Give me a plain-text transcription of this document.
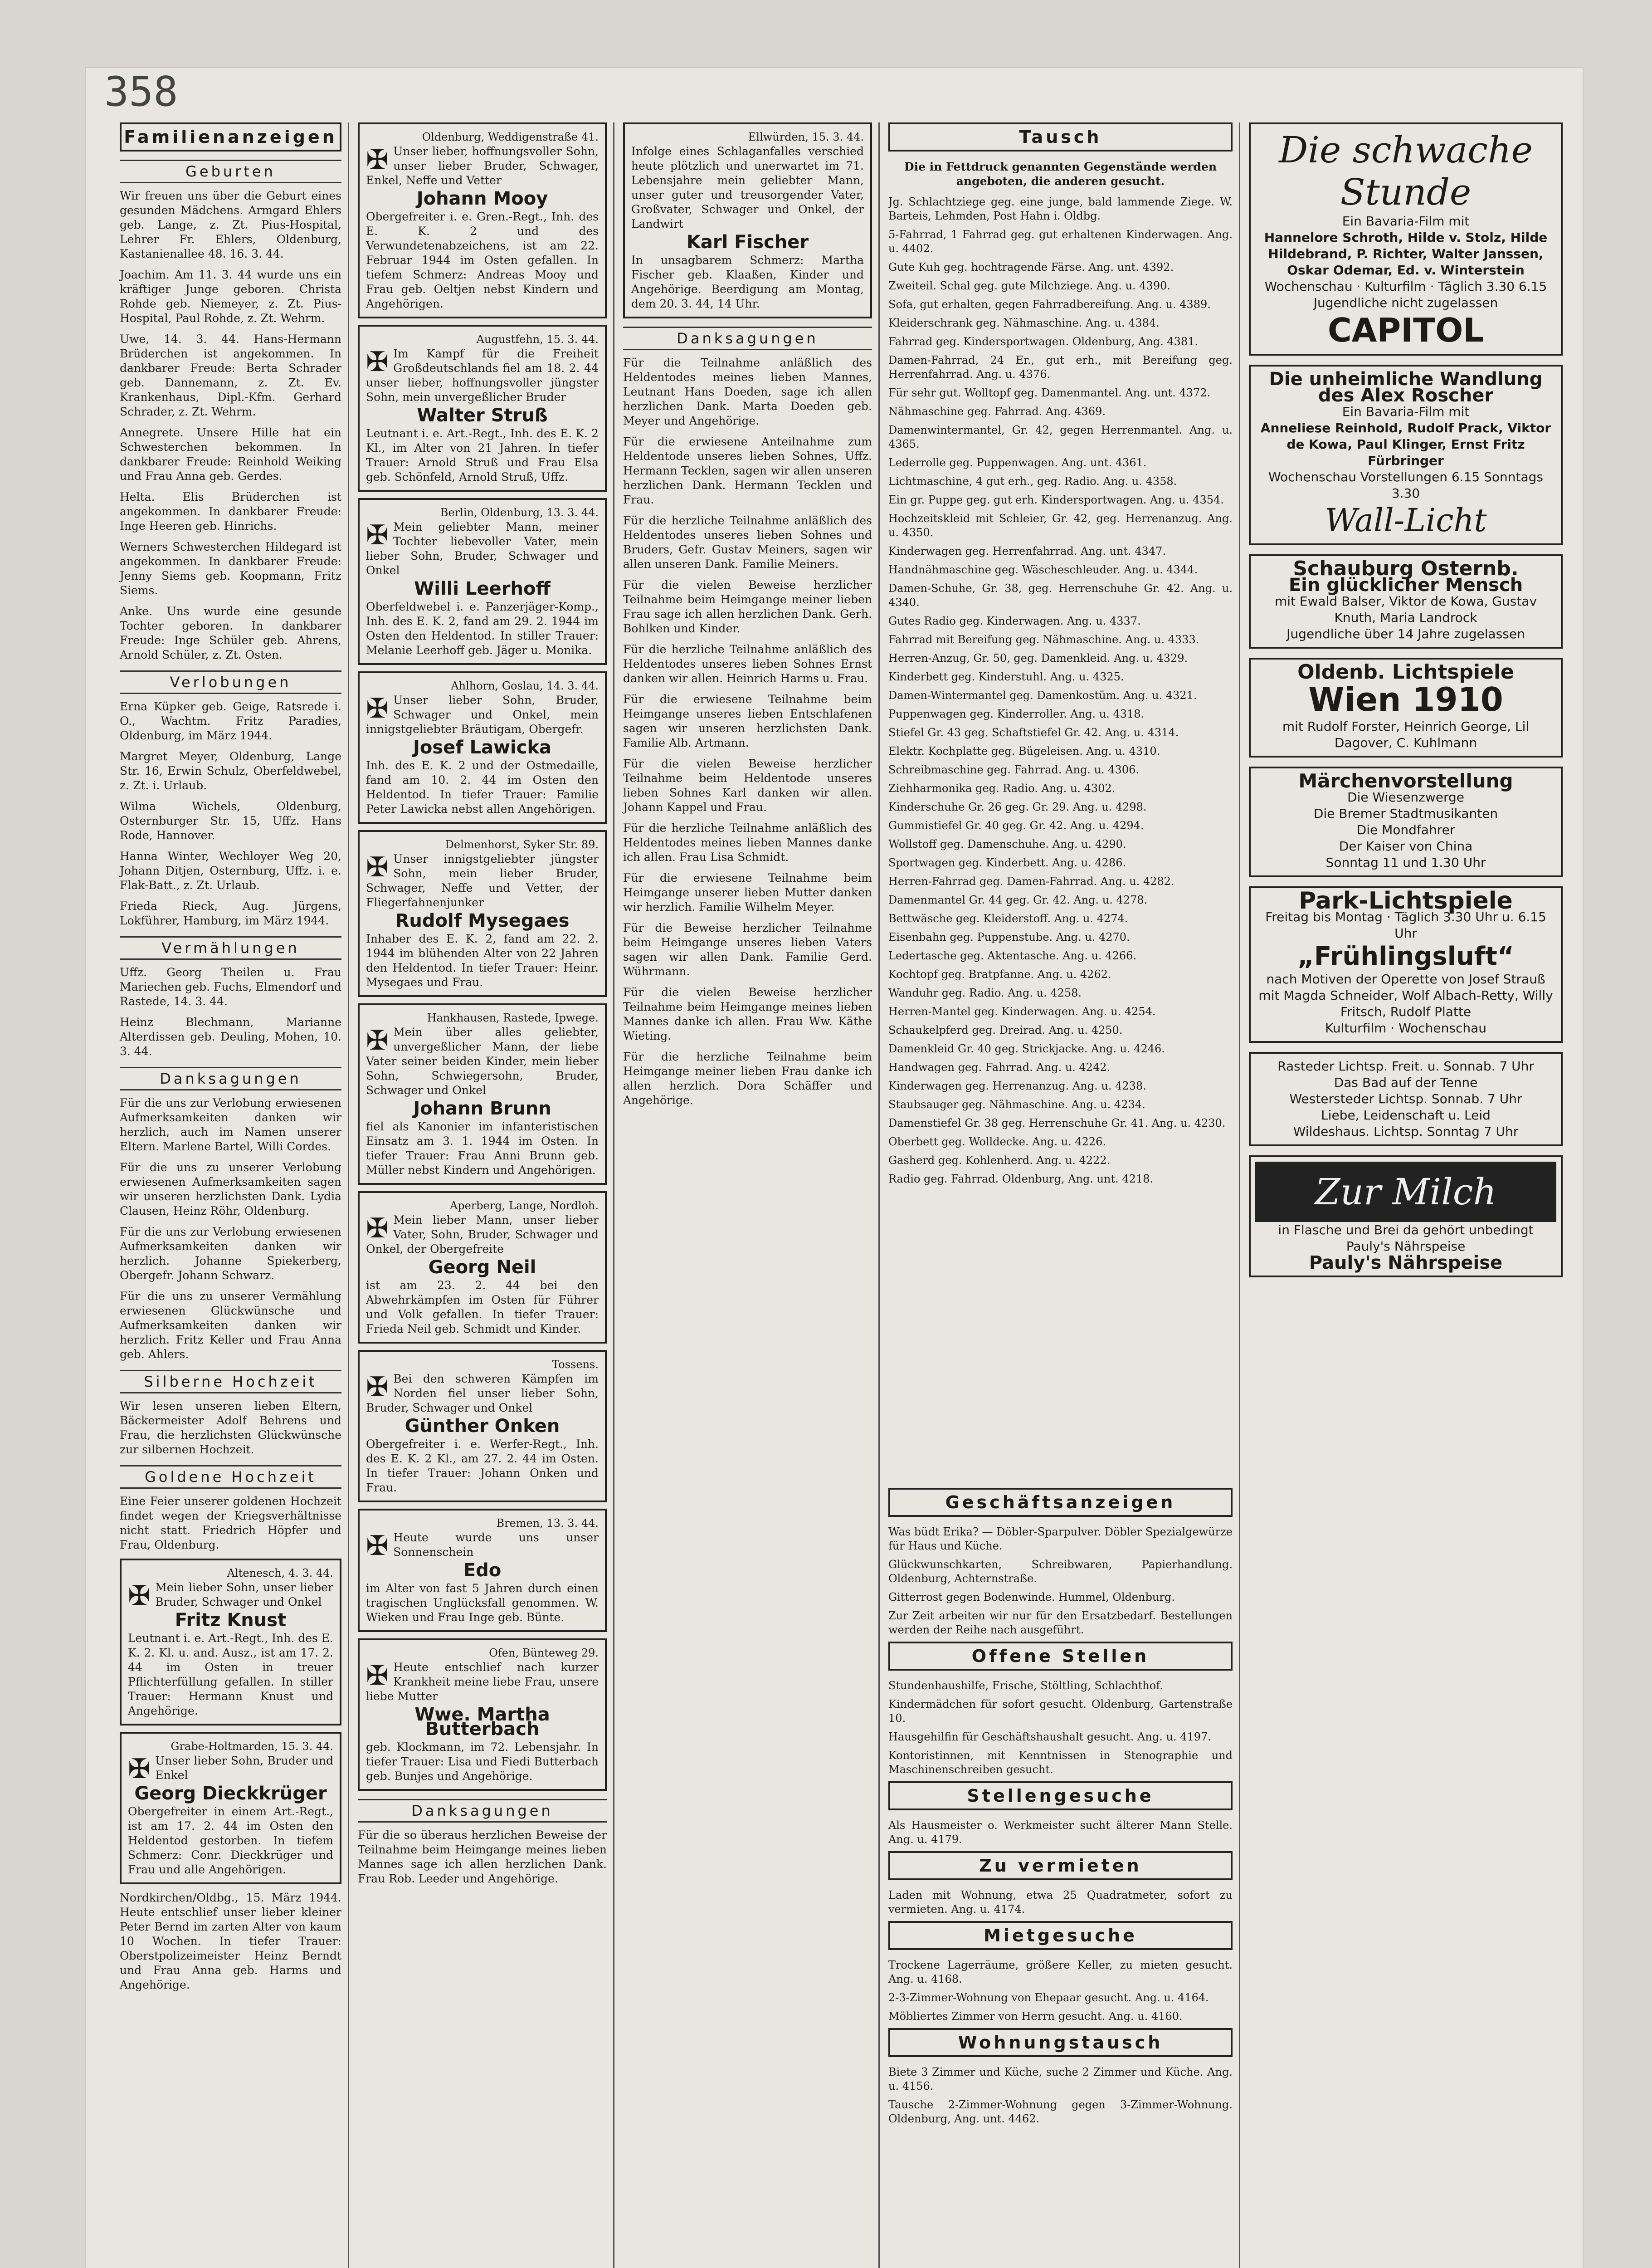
358
Familienanzeigen
Geburten
Wir freuen uns über die Geburt eines gesunden Mädchens. Armgard Ehlers geb. Lange, z. Zt. Pius-Hospital, Lehrer Fr. Ehlers, Oldenburg, Kastanienallee 48. 16. 3. 44.
Joachim. Am 11. 3. 44 wurde uns ein kräftiger Junge geboren. Christa Rohde geb. Niemeyer, z. Zt. Pius-Hospital, Paul Rohde, z. Zt. Wehrm.
Uwe, 14. 3. 44. Hans-Hermann Brüderchen ist angekommen. In dankbarer Freude: Berta Schrader geb. Dannemann, z. Zt. Ev. Krankenhaus, Dipl.-Kfm. Gerhard Schrader, z. Zt. Wehrm.
Annegrete. Unsere Hille hat ein Schwesterchen bekommen. In dankbarer Freude: Reinhold Weiking und Frau Anna geb. Gerdes.
Helta. Elis Brüderchen ist angekommen. In dankbarer Freude: Inge Heeren geb. Hinrichs.
Werners Schwesterchen Hildegard ist angekommen. In dankbarer Freude: Jenny Siems geb. Koopmann, Fritz Siems.
Anke. Uns wurde eine gesunde Tochter geboren. In dankbarer Freude: Inge Schüler geb. Ahrens, Arnold Schüler, z. Zt. Osten.
Verlobungen
Erna Küpker geb. Geige, Ratsrede i. O., Wachtm. Fritz Paradies, Oldenburg, im März 1944.
Margret Meyer, Oldenburg, Lange Str. 16, Erwin Schulz, Oberfeldwebel, z. Zt. i. Urlaub.
Wilma Wichels, Oldenburg, Osternburger Str. 15, Uffz. Hans Rode, Hannover.
Hanna Winter, Wechloyer Weg 20, Johann Ditjen, Osternburg, Uffz. i. e. Flak-Batt., z. Zt. Urlaub.
Frieda Rieck, Aug. Jürgens, Lokführer, Hamburg, im März 1944.
Vermählungen
Uffz. Georg Theilen u. Frau Mariechen geb. Fuchs, Elmendorf und Rastede, 14. 3. 44.
Heinz Blechmann, Marianne Alterdissen geb. Deuling, Mohen, 10. 3. 44.
Danksagungen
Für die uns zur Verlobung erwiesenen Aufmerksamkeiten danken wir herzlich, auch im Namen unserer Eltern. Marlene Bartel, Willi Cordes.
Für die uns zu unserer Verlobung erwiesenen Aufmerksamkeiten sagen wir unseren herzlichsten Dank. Lydia Clausen, Heinz Röhr, Oldenburg.
Für die uns zur Verlobung erwiesenen Aufmerksamkeiten danken wir herzlich. Johanne Spiekerberg, Obergefr. Johann Schwarz.
Für die uns zu unserer Vermählung erwiesenen Glückwünsche und Aufmerksamkeiten danken wir herzlich. Fritz Keller und Frau Anna geb. Ahlers.
Silberne Hochzeit
Wir lesen unseren lieben Eltern, Bäckermeister Adolf Behrens und Frau, die herzlichsten Glückwünsche zur silbernen Hochzeit.
Goldene Hochzeit
Eine Feier unserer goldenen Hochzeit findet wegen der Kriegsverhältnisse nicht statt. Friedrich Höpfer und Frau, Oldenburg.
Altenesch, 4. 3. 44.
✠ Mein lieber Sohn, unser lieber Bruder, Schwager und Onkel
Fritz Knust
Leutnant i. e. Art.-Regt., Inh. des E. K. 2. Kl. u. and. Ausz., ist am 17. 2. 44 im Osten in treuer Pflichterfüllung gefallen. In stiller Trauer: Hermann Knust und Angehörige.
Grabe-Holtmarden, 15. 3. 44.
✠ Unser lieber Sohn, Bruder und Enkel
Georg Dieckkrüger
Obergefreiter in einem Art.-Regt., ist am 17. 2. 44 im Osten den Heldentod gestorben. In tiefem Schmerz: Conr. Dieckkrüger und Frau und alle Angehörigen.
Nordkirchen/Oldbg., 15. März 1944. Heute entschlief unser lieber kleiner Peter Bernd im zarten Alter von kaum 10 Wochen. In tiefer Trauer: Oberstpolizeimeister Heinz Berndt und Frau Anna geb. Harms und Angehörige.
Oldenburg, Weddigenstraße 41.
✠ Unser lieber, hoffnungsvoller Sohn, unser lieber Bruder, Schwager, Enkel, Neffe und Vetter
Johann Mooy
Obergefreiter i. e. Gren.-Regt., Inh. des E. K. 2 und des Verwundetenabzeichens, ist am 22. Februar 1944 im Osten gefallen. In tiefem Schmerz: Andreas Mooy und Frau geb. Oeltjen nebst Kindern und Angehörigen.
Augustfehn, 15. 3. 44.
✠ Im Kampf für die Freiheit Großdeutschlands fiel am 18. 2. 44 unser lieber, hoffnungsvoller jüngster Sohn, mein unvergeßlicher Bruder
Walter Struß
Leutnant i. e. Art.-Regt., Inh. des E. K. 2 Kl., im Alter von 21 Jahren. In tiefer Trauer: Arnold Struß und Frau Elsa geb. Schönfeld, Arnold Struß, Uffz.
Berlin, Oldenburg, 13. 3. 44.
✠ Mein geliebter Mann, meiner Tochter liebevoller Vater, mein lieber Sohn, Bruder, Schwager und Onkel
Willi Leerhoff
Oberfeldwebel i. e. Panzerjäger-Komp., Inh. des E. K. 2, fand am 29. 2. 1944 im Osten den Heldentod. In stiller Trauer: Melanie Leerhoff geb. Jäger u. Monika.
Ahlhorn, Goslau, 14. 3. 44.
✠ Unser lieber Sohn, Bruder, Schwager und Onkel, mein innigstgeliebter Bräutigam, Obergefr.
Josef Lawicka
Inh. des E. K. 2 und der Ostmedaille, fand am 10. 2. 44 im Osten den Heldentod. In tiefer Trauer: Familie Peter Lawicka nebst allen Angehörigen.
Delmenhorst, Syker Str. 89.
✠ Unser innigstgeliebter jüngster Sohn, mein lieber Bruder, Schwager, Neffe und Vetter, der Fliegerfahnenjunker
Rudolf Mysegaes
Inhaber des E. K. 2, fand am 22. 2. 1944 im blühenden Alter von 22 Jahren den Heldentod. In tiefer Trauer: Heinr. Mysegaes und Frau.
Hankhausen, Rastede, Ipwege.
✠ Mein über alles geliebter, unvergeßlicher Mann, der liebe Vater seiner beiden Kinder, mein lieber Sohn, Schwiegersohn, Bruder, Schwager und Onkel
Johann Brunn
fiel als Kanonier im infanteristischen Einsatz am 3. 1. 1944 im Osten. In tiefer Trauer: Frau Anni Brunn geb. Müller nebst Kindern und Angehörigen.
Aperberg, Lange, Nordloh.
✠ Mein lieber Mann, unser lieber Vater, Sohn, Bruder, Schwager und Onkel, der Obergefreite
Georg Neil
ist am 23. 2. 44 bei den Abwehrkämpfen im Osten für Führer und Volk gefallen. In tiefer Trauer: Frieda Neil geb. Schmidt und Kinder.
Tossens.
✠ Bei den schweren Kämpfen im Norden fiel unser lieber Sohn, Bruder, Schwager und Onkel
Günther Onken
Obergefreiter i. e. Werfer-Regt., Inh. des E. K. 2 Kl., am 27. 2. 44 im Osten. In tiefer Trauer: Johann Onken und Frau.
Bremen, 13. 3. 44.
✠ Heute wurde uns unser Sonnenschein
Edo
im Alter von fast 5 Jahren durch einen tragischen Unglücksfall genommen. W. Wieken und Frau Inge geb. Bünte.
Ofen, Bünteweg 29.
✠ Heute entschlief nach kurzer Krankheit meine liebe Frau, unsere liebe Mutter
Wwe. Martha Butterbach
geb. Klockmann, im 72. Lebensjahr. In tiefer Trauer: Lisa und Fiedi Butterbach geb. Bunjes und Angehörige.
Danksagungen
Für die so überaus herzlichen Beweise der Teilnahme beim Heimgange meines lieben Mannes sage ich allen herzlichen Dank. Frau Rob. Leeder und Angehörige.
Ellwürden, 15. 3. 44.
Infolge eines Schlaganfalles verschied heute plötzlich und unerwartet im 71. Lebensjahre mein geliebter Mann, unser guter und treusorgender Vater, Großvater, Schwager und Onkel, der Landwirt
Karl Fischer
In unsagbarem Schmerz: Martha Fischer geb. Klaaßen, Kinder und Angehörige. Beerdigung am Montag, dem 20. 3. 44, 14 Uhr.
Danksagungen
Für die Teilnahme anläßlich des Heldentodes meines lieben Mannes, Leutnant Hans Doeden, sage ich allen herzlichen Dank. Marta Doeden geb. Meyer und Angehörige.
Für die erwiesene Anteilnahme zum Heldentode unseres lieben Sohnes, Uffz. Hermann Tecklen, sagen wir allen unseren herzlichen Dank. Hermann Tecklen und Frau.
Für die herzliche Teilnahme anläßlich des Heldentodes unseres lieben Sohnes und Bruders, Gefr. Gustav Meiners, sagen wir allen unseren Dank. Familie Meiners.
Für die vielen Beweise herzlicher Teilnahme beim Heimgange meiner lieben Frau sage ich allen herzlichen Dank. Gerh. Bohlken und Kinder.
Für die herzliche Teilnahme anläßlich des Heldentodes unseres lieben Sohnes Ernst danken wir allen. Heinrich Harms u. Frau.
Für die erwiesene Teilnahme beim Heimgange unseres lieben Entschlafenen sagen wir unseren herzlichsten Dank. Familie Alb. Artmann.
Für die vielen Beweise herzlicher Teilnahme beim Heldentode unseres lieben Sohnes Karl danken wir allen. Johann Kappel und Frau.
Für die herzliche Teilnahme anläßlich des Heldentodes meines lieben Mannes danke ich allen. Frau Lisa Schmidt.
Für die erwiesene Teilnahme beim Heimgange unserer lieben Mutter danken wir herzlich. Familie Wilhelm Meyer.
Für die Beweise herzlicher Teilnahme beim Heimgange unseres lieben Vaters sagen wir allen Dank. Familie Gerd. Wührmann.
Für die vielen Beweise herzlicher Teilnahme beim Heimgange meines lieben Mannes danke ich allen. Frau Ww. Käthe Wieting.
Für die herzliche Teilnahme beim Heimgange meiner lieben Frau danke ich allen herzlich. Dora Schäffer und Angehörige.
Tausch
Die in Fettdruck genannten Gegenstände werden angeboten, die anderen gesucht.
Jg. Schlachtziege geg. eine junge, bald lammende Ziege. W. Barteis, Lehmden, Post Hahn i. Oldbg.
5-Fahrrad, 1 Fahrrad geg. gut erhaltenen Kinderwagen. Ang. u. 4402.
Gute Kuh geg. hochtragende Färse. Ang. unt. 4392.
Zweiteil. Schal geg. gute Milchziege. Ang. u. 4390.
Sofa, gut erhalten, gegen Fahrradbereifung. Ang. u. 4389.
Kleiderschrank geg. Nähmaschine. Ang. u. 4384.
Fahrrad geg. Kindersportwagen. Oldenburg, Ang. 4381.
Damen-Fahrrad, 24 Er., gut erh., mit Bereifung geg. Herrenfahrrad. Ang. u. 4376.
Für sehr gut. Wolltopf geg. Damenmantel. Ang. unt. 4372.
Nähmaschine geg. Fahrrad. Ang. 4369.
Damenwintermantel, Gr. 42, gegen Herrenmantel. Ang. u. 4365.
Lederrolle geg. Puppenwagen. Ang. unt. 4361.
Lichtmaschine, 4 gut erh., geg. Radio. Ang. u. 4358.
Ein gr. Puppe geg. gut erh. Kindersportwagen. Ang. u. 4354.
Hochzeitskleid mit Schleier, Gr. 42, geg. Herrenanzug. Ang. u. 4350.
Kinderwagen geg. Herrenfahrrad. Ang. unt. 4347.
Handnähmaschine geg. Wäscheschleuder. Ang. u. 4344.
Damen-Schuhe, Gr. 38, geg. Herrenschuhe Gr. 42. Ang. u. 4340.
Gutes Radio geg. Kinderwagen. Ang. u. 4337.
Fahrrad mit Bereifung geg. Nähmaschine. Ang. u. 4333.
Herren-Anzug, Gr. 50, geg. Damenkleid. Ang. u. 4329.
Kinderbett geg. Kinderstuhl. Ang. u. 4325.
Damen-Wintermantel geg. Damenkostüm. Ang. u. 4321.
Puppenwagen geg. Kinderroller. Ang. u. 4318.
Stiefel Gr. 43 geg. Schaftstiefel Gr. 42. Ang. u. 4314.
Elektr. Kochplatte geg. Bügeleisen. Ang. u. 4310.
Schreibmaschine geg. Fahrrad. Ang. u. 4306.
Ziehharmonika geg. Radio. Ang. u. 4302.
Kinderschuhe Gr. 26 geg. Gr. 29. Ang. u. 4298.
Gummistiefel Gr. 40 geg. Gr. 42. Ang. u. 4294.
Wollstoff geg. Damenschuhe. Ang. u. 4290.
Sportwagen geg. Kinderbett. Ang. u. 4286.
Herren-Fahrrad geg. Damen-Fahrrad. Ang. u. 4282.
Damenmantel Gr. 44 geg. Gr. 42. Ang. u. 4278.
Bettwäsche geg. Kleiderstoff. Ang. u. 4274.
Eisenbahn geg. Puppenstube. Ang. u. 4270.
Ledertasche geg. Aktentasche. Ang. u. 4266.
Kochtopf geg. Bratpfanne. Ang. u. 4262.
Wanduhr geg. Radio. Ang. u. 4258.
Herren-Mantel geg. Kinderwagen. Ang. u. 4254.
Schaukelpferd geg. Dreirad. Ang. u. 4250.
Damenkleid Gr. 40 geg. Strickjacke. Ang. u. 4246.
Handwagen geg. Fahrrad. Ang. u. 4242.
Kinderwagen geg. Herrenanzug. Ang. u. 4238.
Staubsauger geg. Nähmaschine. Ang. u. 4234.
Damenstiefel Gr. 38 geg. Herrenschuhe Gr. 41. Ang. u. 4230.
Oberbett geg. Wolldecke. Ang. u. 4226.
Gasherd geg. Kohlenherd. Ang. u. 4222.
Radio geg. Fahrrad. Oldenburg, Ang. unt. 4218.
Geschäftsanzeigen
Was büdt Erika? — Döbler-Sparpulver. Döbler Spezialgewürze für Haus und Küche.
Glückwunschkarten, Schreibwaren, Papierhandlung. Oldenburg, Achternstraße.
Gitterrost gegen Bodenwinde. Hummel, Oldenburg.
Zur Zeit arbeiten wir nur für den Ersatzbedarf. Bestellungen werden der Reihe nach ausgeführt.
Offene Stellen
Stundenhaushilfe, Frische, Stöltling, Schlachthof.
Kindermädchen für sofort gesucht. Oldenburg, Gartenstraße 10.
Hausgehilfin für Geschäftshaushalt gesucht. Ang. u. 4197.
Kontoristinnen, mit Kenntnissen in Stenographie und Maschinenschreiben gesucht.
Stellengesuche
Als Hausmeister o. Werkmeister sucht älterer Mann Stelle. Ang. u. 4179.
Zu vermieten
Laden mit Wohnung, etwa 25 Quadratmeter, sofort zu vermieten. Ang. u. 4174.
Mietgesuche
Trockene Lagerräume, größere Keller, zu mieten gesucht. Ang. u. 4168.
2-3-Zimmer-Wohnung von Ehepaar gesucht. Ang. u. 4164.
Möbliertes Zimmer von Herrn gesucht. Ang. u. 4160.
Wohnungstausch
Biete 3 Zimmer und Küche, suche 2 Zimmer und Küche. Ang. u. 4156.
Tausche 2-Zimmer-Wohnung gegen 3-Zimmer-Wohnung. Oldenburg, Ang. unt. 4462.
Die schwache Stunde
Ein Bavaria-Film mit
Hannelore Schroth, Hilde v. Stolz, Hilde Hildebrand, P. Richter, Walter Janssen, Oskar Odemar, Ed. v. Winterstein
Wochenschau · Kulturfilm · Täglich 3.30 6.15
Jugendliche nicht zugelassen
CAPITOL
Die unheimliche Wandlung des Alex Roscher
Ein Bavaria-Film mit
Anneliese Reinhold, Rudolf Prack, Viktor de Kowa, Paul Klinger, Ernst Fritz Fürbringer
Wochenschau Vorstellungen 6.15 Sonntags 3.30
Wall-Licht
Schauburg Osternb.
Ein glücklicher Mensch
mit Ewald Balser, Viktor de Kowa, Gustav Knuth, Maria Landrock
Jugendliche über 14 Jahre zugelassen
Oldenb. Lichtspiele
Wien 1910
mit Rudolf Forster, Heinrich George, Lil Dagover, C. Kuhlmann
Märchenvorstellung
Die Wiesenzwerge
Die Bremer Stadtmusikanten
Die Mondfahrer
Der Kaiser von China
Sonntag 11 und 1.30 Uhr
Park-Lichtspiele
Freitag bis Montag · Täglich 3.30 Uhr u. 6.15 Uhr
„Frühlingsluft“
nach Motiven der Operette von Josef Strauß mit Magda Schneider, Wolf Albach-Retty, Willy Fritsch, Rudolf Platte
Kulturfilm · Wochenschau
Rasteder Lichtsp. Freit. u. Sonnab. 7 Uhr
Das Bad auf der Tenne
Westersteder Lichtsp. Sonnab. 7 Uhr
Liebe, Leidenschaft u. Leid
Wildeshaus. Lichtsp. Sonntag 7 Uhr
Zur Milch
in Flasche und Brei da gehört unbedingt Pauly's Nährspeise
Pauly's Nährspeise
